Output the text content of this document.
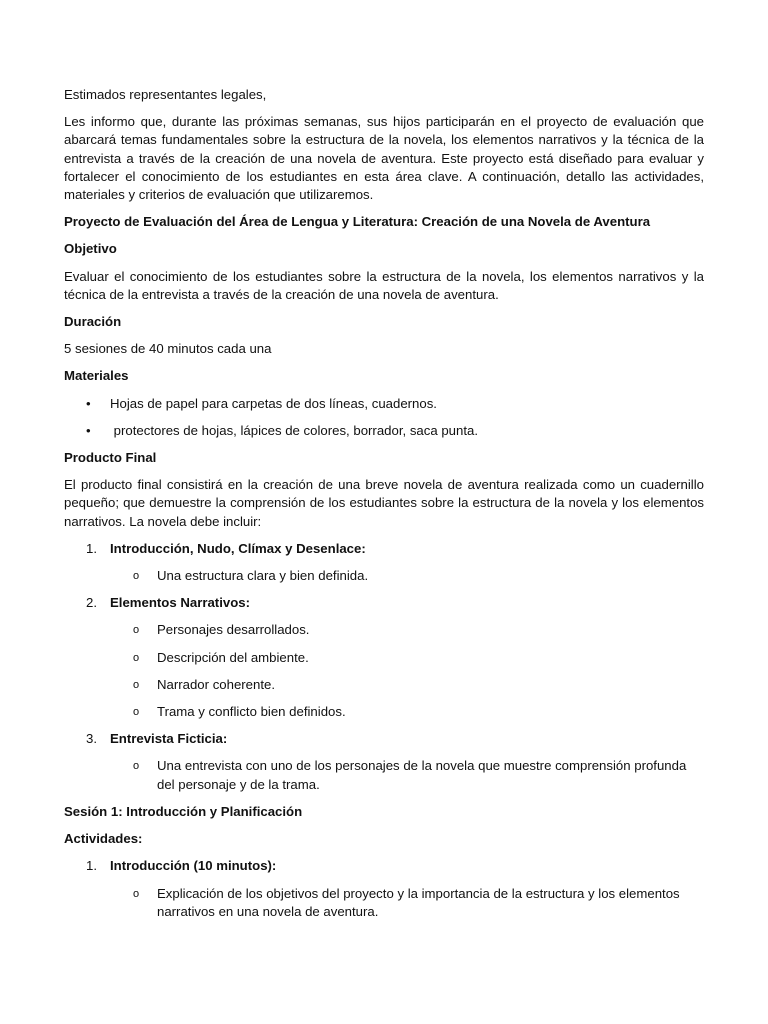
Estimados representantes legales,

Les informo que, durante las próximas semanas, sus hijos participarán en el proyecto de evaluación que abarcará temas fundamentales sobre la estructura de la novela, los elementos narrativos y la técnica de la entrevista a través de la creación de una novela de aventura. Este proyecto está diseñado para evaluar y fortalecer el conocimiento de los estudiantes en esta área clave. A continuación, detallo las actividades, materiales y criterios de evaluación que utilizaremos.

Proyecto de Evaluación del Área de Lengua y Literatura: Creación de una Novela de Aventura

Objetivo

Evaluar el conocimiento de los estudiantes sobre la estructura de la novela, los elementos narrativos y la técnica de la entrevista a través de la creación de una novela de aventura.

Duración

5 sesiones de 40 minutos cada una

Materiales

• Hojas de papel para carpetas de dos líneas, cuadernos.
• protectores de hojas, lápices de colores, borrador, saca punta.

Producto Final

El producto final consistirá en la creación de una breve novela de aventura realizada como un cuadernillo pequeño; que demuestre la comprensión de los estudiantes sobre la estructura de la novela y los elementos narrativos. La novela debe incluir:

1. Introducción, Nudo, Clímax y Desenlace:
o Una estructura clara y bien definida.
2. Elementos Narrativos:
o Personajes desarrollados.
o Descripción del ambiente.
o Narrador coherente.
o Trama y conflicto bien definidos.
3. Entrevista Ficticia:
o Una entrevista con uno de los personajes de la novela que muestre comprensión profunda del personaje y de la trama.

Sesión 1: Introducción y Planificación

Actividades:

1. Introducción (10 minutos):
o Explicación de los objetivos del proyecto y la importancia de la estructura y los elementos narrativos en una novela de aventura.
